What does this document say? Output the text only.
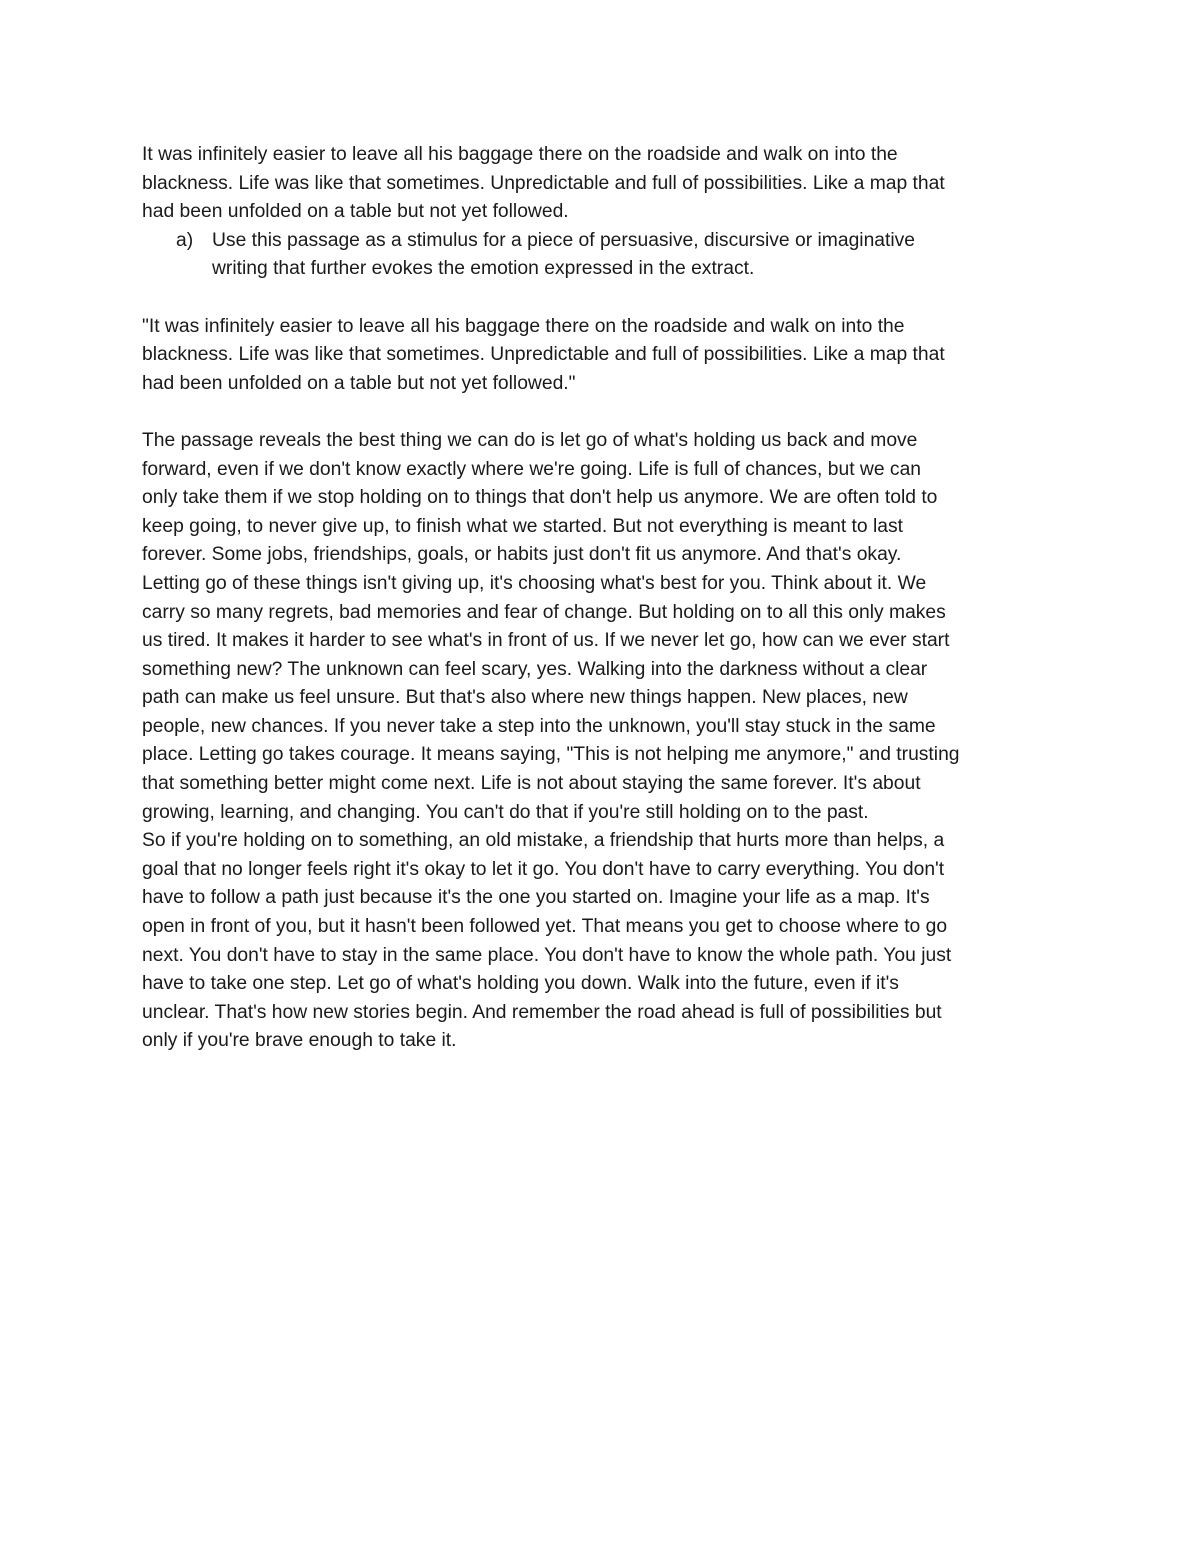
It was infinitely easier to leave all his baggage there on the roadside and walk on into the
blackness. Life was like that sometimes. Unpredictable and full of possibilities. Like a map that
had been unfolded on a table but not yet followed.
a) Use this passage as a stimulus for a piece of persuasive, discursive or imaginative
writing that further evokes the emotion expressed in the extract.
"It was infinitely easier to leave all his baggage there on the roadside and walk on into the
blackness. Life was like that sometimes. Unpredictable and full of possibilities. Like a map that
had been unfolded on a table but not yet followed."
The passage reveals the best thing we can do is let go of what's holding us back and move
forward, even if we don't know exactly where we're going. Life is full of chances, but we can
only take them if we stop holding on to things that don't help us anymore. We are often told to
keep going, to never give up, to finish what we started. But not everything is meant to last
forever. Some jobs, friendships, goals, or habits just don't fit us anymore. And that's okay.
Letting go of these things isn't giving up, it's choosing what's best for you. Think about it. We
carry so many regrets, bad memories and fear of change. But holding on to all this only makes
us tired. It makes it harder to see what's in front of us. If we never let go, how can we ever start
something new? The unknown can feel scary, yes. Walking into the darkness without a clear
path can make us feel unsure. But that's also where new things happen. New places, new
people, new chances. If you never take a step into the unknown, you'll stay stuck in the same
place. Letting go takes courage. It means saying, "This is not helping me anymore," and trusting
that something better might come next. Life is not about staying the same forever. It's about
growing, learning, and changing. You can't do that if you're still holding on to the past.
So if you're holding on to something, an old mistake, a friendship that hurts more than helps, a
goal that no longer feels right it's okay to let it go. You don't have to carry everything. You don't
have to follow a path just because it's the one you started on. Imagine your life as a map. It's
open in front of you, but it hasn't been followed yet. That means you get to choose where to go
next. You don't have to stay in the same place. You don't have to know the whole path. You just
have to take one step. Let go of what's holding you down. Walk into the future, even if it's
unclear. That's how new stories begin. And remember the road ahead is full of possibilities but
only if you're brave enough to take it.
